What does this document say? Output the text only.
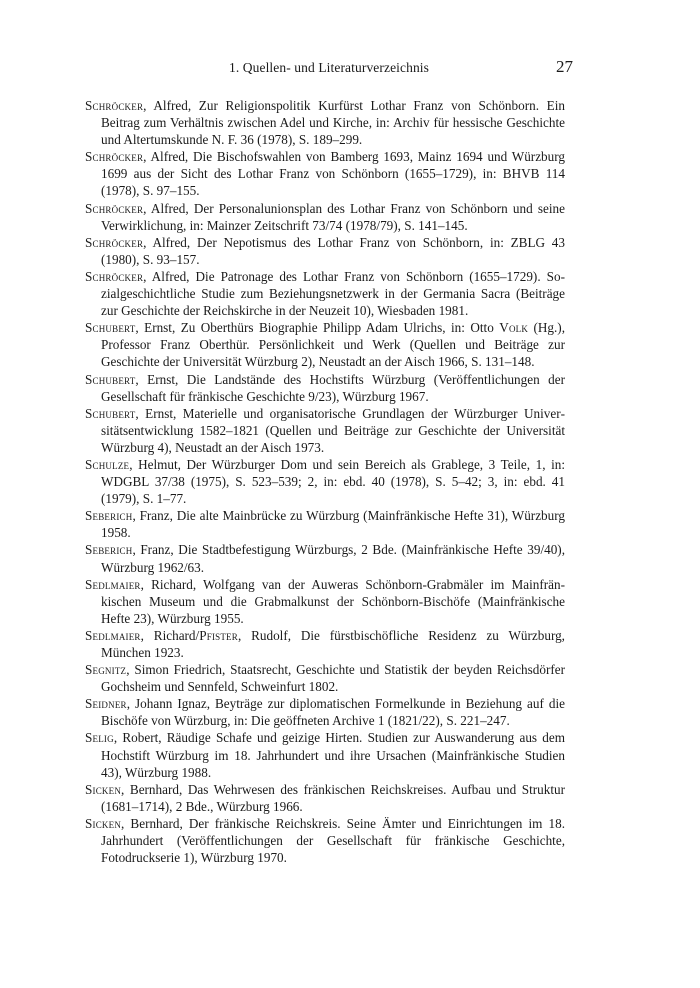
1. Quellen- und Literaturverzeichnis	27
Schröcker, Alfred, Zur Religionspolitik Kurfürst Lothar Franz von Schönborn. Ein Beitrag zum Verhältnis zwischen Adel und Kirche, in: Archiv für hessische Geschichte und Altertumskunde N. F. 36 (1978), S. 189–299.
Schröcker, Alfred, Die Bischofswahlen von Bamberg 1693, Mainz 1694 und Würzburg 1699 aus der Sicht des Lothar Franz von Schönborn (1655–1729), in: BHVB 114 (1978), S. 97–155.
Schröcker, Alfred, Der Personalunionsplan des Lothar Franz von Schönborn und seine Verwirklichung, in: Mainzer Zeitschrift 73/74 (1978/79), S. 141–145.
Schröcker, Alfred, Der Nepotismus des Lothar Franz von Schönborn, in: ZBLG 43 (1980), S. 93–157.
Schröcker, Alfred, Die Patronage des Lothar Franz von Schönborn (1655–1729). Sozialgeschichtliche Studie zum Beziehungsnetzwerk in der Germania Sacra (Beiträge zur Geschichte der Reichskirche in der Neuzeit 10), Wiesbaden 1981.
Schubert, Ernst, Zu Oberthürs Biographie Philipp Adam Ulrichs, in: Otto Volk (Hg.), Professor Franz Oberthür. Persönlichkeit und Werk (Quellen und Beiträge zur Geschichte der Universität Würzburg 2), Neustadt an der Aisch 1966, S. 131–148.
Schubert, Ernst, Die Landstände des Hochstifts Würzburg (Veröffentlichungen der Gesellschaft für fränkische Geschichte 9/23), Würzburg 1967.
Schubert, Ernst, Materielle und organisatorische Grundlagen der Würzburger Universitätsentwicklung 1582–1821 (Quellen und Beiträge zur Geschichte der Universität Würzburg 4), Neustadt an der Aisch 1973.
Schulze, Helmut, Der Würzburger Dom und sein Bereich als Grablege, 3 Teile, 1, in: WDGBL 37/38 (1975), S. 523–539; 2, in: ebd. 40 (1978), S. 5–42; 3, in: ebd. 41 (1979), S. 1–77.
Seberich, Franz, Die alte Mainbrücke zu Würzburg (Mainfränkische Hefte 31), Würzburg 1958.
Seberich, Franz, Die Stadtbefestigung Würzburgs, 2 Bde. (Mainfränkische Hefte 39/40), Würzburg 1962/63.
Sedlmaier, Richard, Wolfgang van der Auweras Schönborn-Grabmäler im Mainfränkischen Museum und die Grabmalkunst der Schönborn-Bischöfe (Mainfränkische Hefte 23), Würzburg 1955.
Sedlmaier, Richard/Pfister, Rudolf, Die fürstbischöfliche Residenz zu Würzburg, München 1923.
Segnitz, Simon Friedrich, Staatsrecht, Geschichte und Statistik der beyden Reichsdörfer Gochsheim und Sennfeld, Schweinfurt 1802.
Seidner, Johann Ignaz, Beyträge zur diplomatischen Formelkunde in Beziehung auf die Bischöfe von Würzburg, in: Die geöffneten Archive 1 (1821/22), S. 221–247.
Selig, Robert, Räudige Schafe und geizige Hirten. Studien zur Auswanderung aus dem Hochstift Würzburg im 18. Jahrhundert und ihre Ursachen (Mainfränkische Studien 43), Würzburg 1988.
Sicken, Bernhard, Das Wehrwesen des fränkischen Reichskreises. Aufbau und Struktur (1681–1714), 2 Bde., Würzburg 1966.
Sicken, Bernhard, Der fränkische Reichskreis. Seine Ämter und Einrichtungen im 18. Jahrhundert (Veröffentlichungen der Gesellschaft für fränkische Geschichte, Fotodruckserie 1), Würzburg 1970.
